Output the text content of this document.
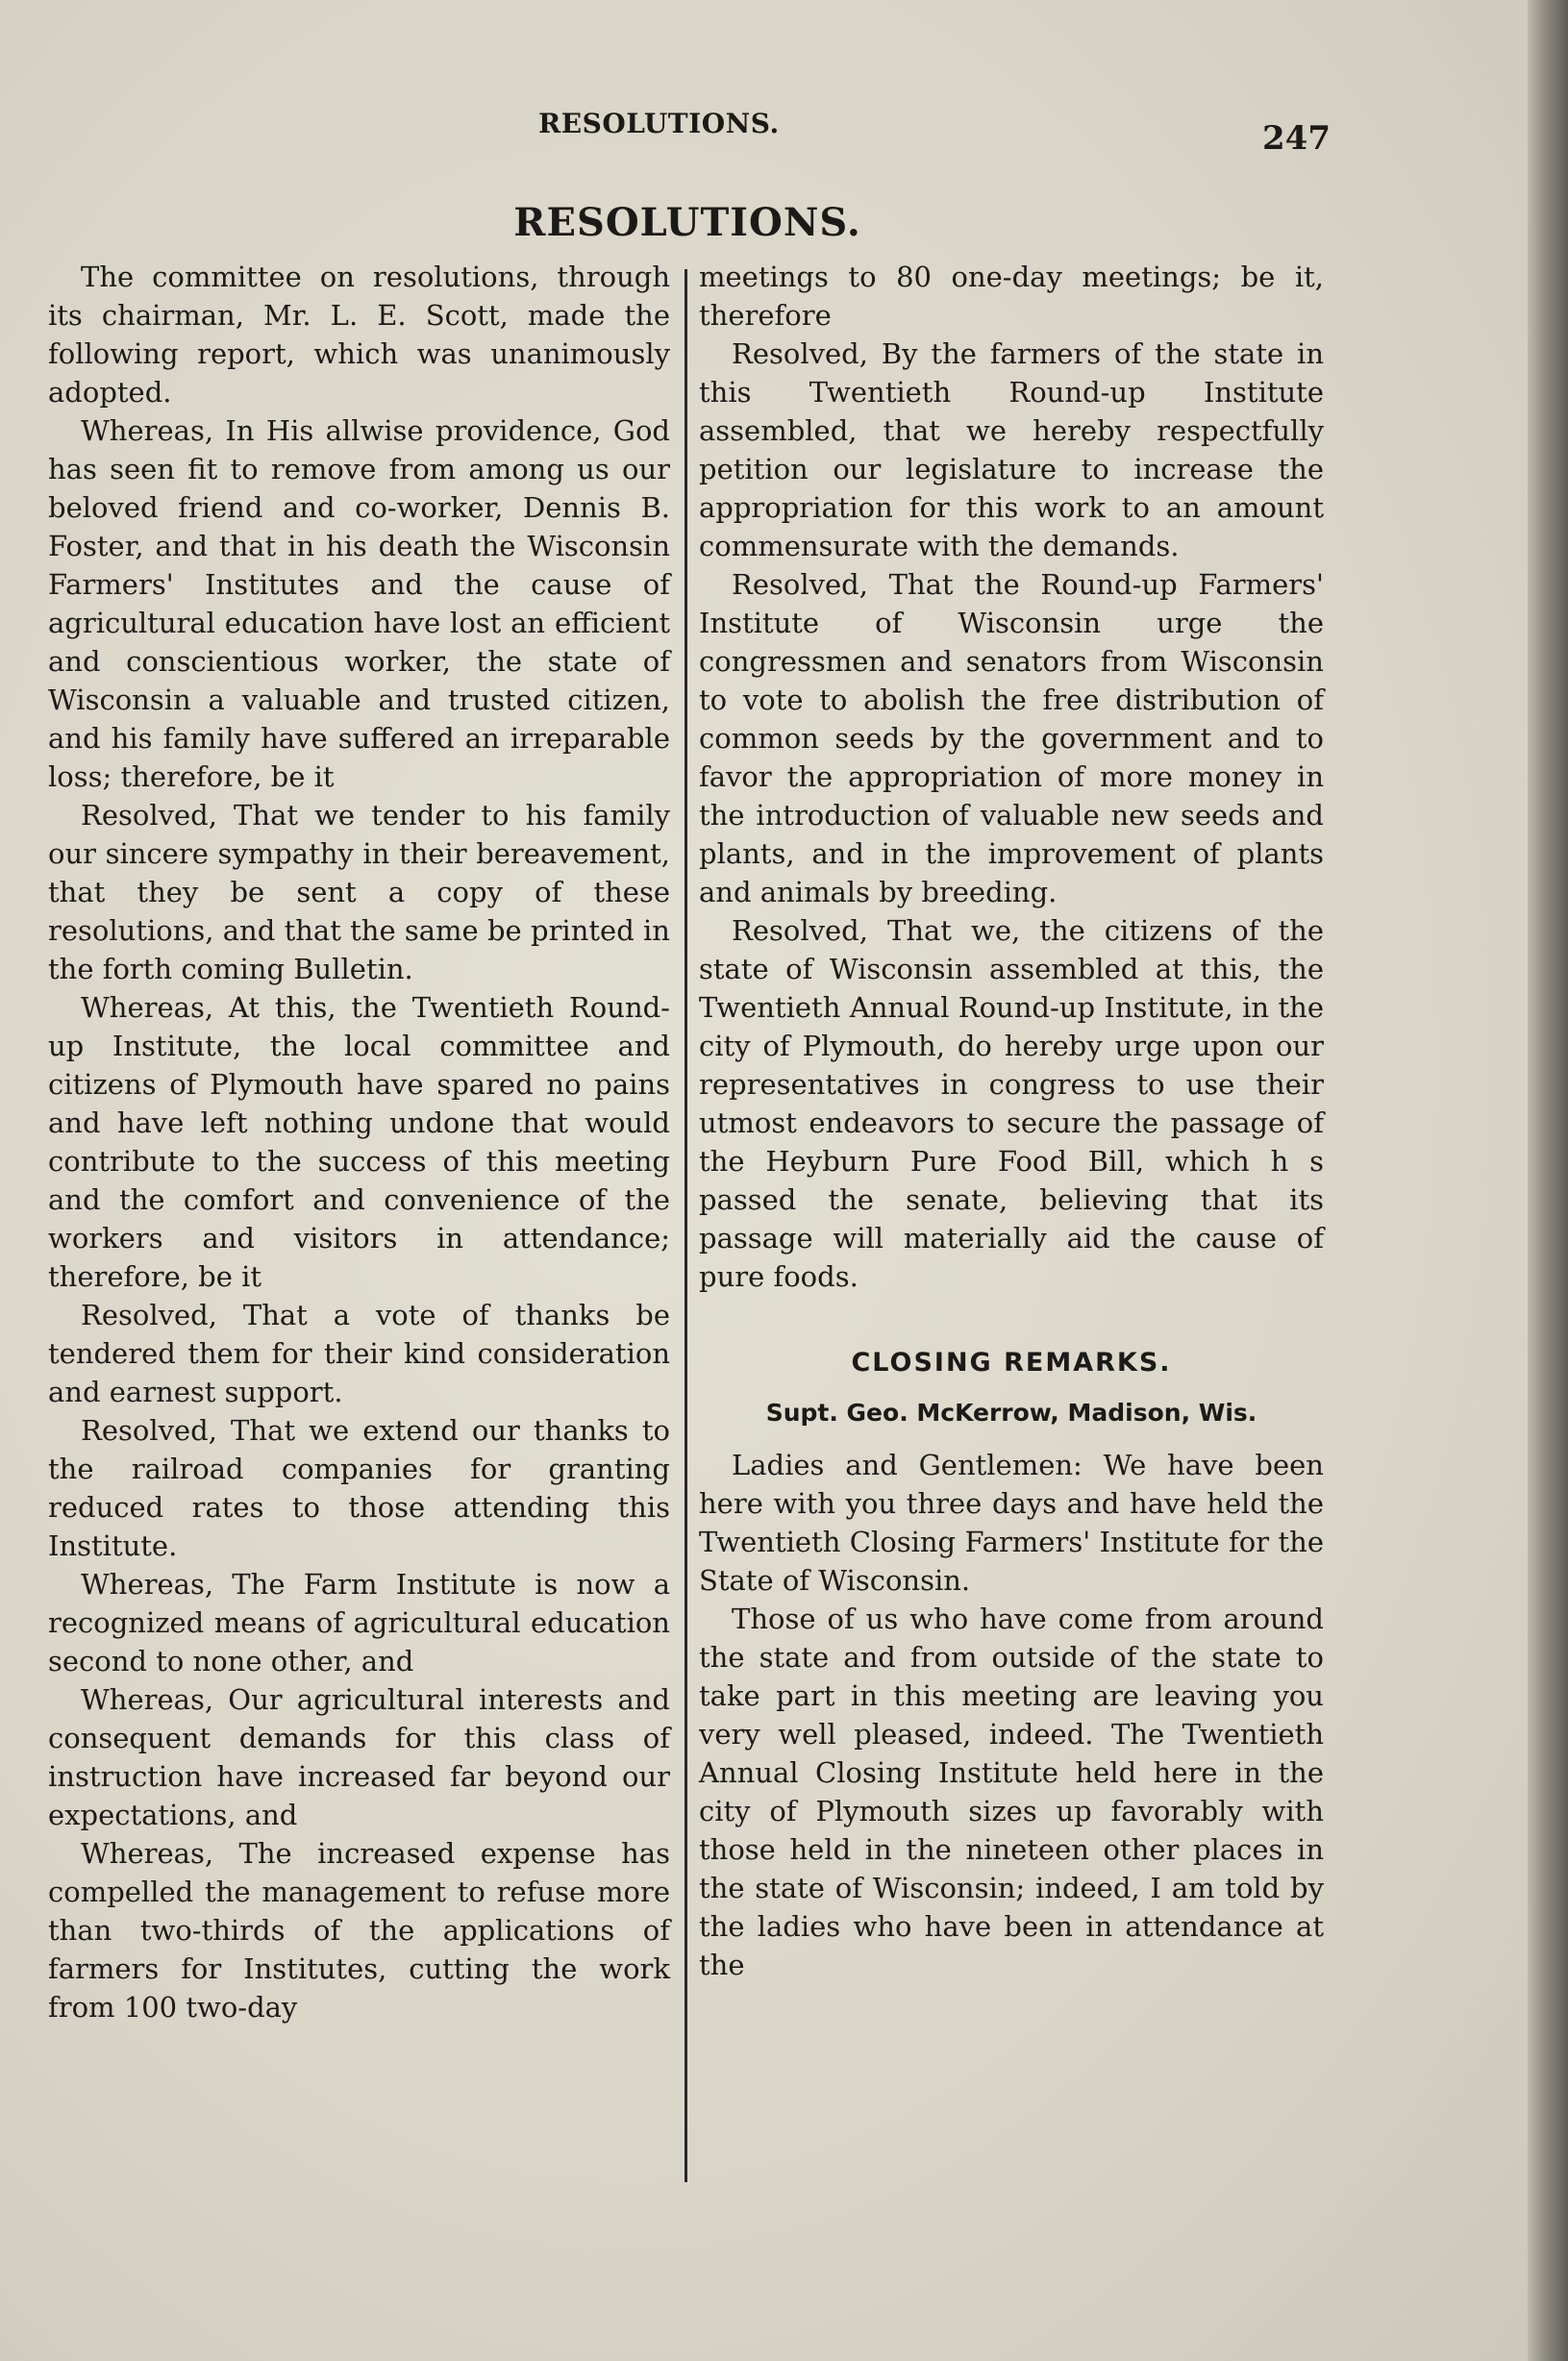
RESOLUTIONS.	247
RESOLUTIONS.

The committee on resolutions, through its chairman, Mr. L. E. Scott, made the following report, which was unanimously adopted.

Whereas, In His allwise providence, God has seen fit to remove from among us our beloved friend and co-worker, Dennis B. Foster, and that in his death the Wisconsin Farmers' Institutes and the cause of agricultural education have lost an efficient and conscientious worker, the state of Wisconsin a valuable and trusted citizen, and his family have suffered an irreparable loss; therefore, be it

Resolved, That we tender to his family our sincere sympathy in their bereavement, that they be sent a copy of these resolutions, and that the same be printed in the forth coming Bulletin.

Whereas, At this, the Twentieth Round-up Institute, the local committee and citizens of Plymouth have spared no pains and have left nothing undone that would contribute to the success of this meeting and the comfort and convenience of the workers and visitors in attendance; therefore, be it

Resolved, That a vote of thanks be tendered them for their kind consideration and earnest support.

Resolved, That we extend our thanks to the railroad companies for granting reduced rates to those attending this Institute.

Whereas, The Farm Institute is now a recognized means of agricultural education second to none other, and

Whereas, Our agricultural interests and consequent demands for this class of instruction have increased far beyond our expectations, and

Whereas, The increased expense has compelled the management to refuse more than two-thirds of the applications of farmers for Institutes, cutting the work from 100 two-day

meetings to 80 one-day meetings; be it, therefore

Resolved, By the farmers of the state in this Twentieth Round-up Institute assembled, that we hereby respectfully petition our legislature to increase the appropriation for this work to an amount commensurate with the demands.

Resolved, That the Round-up Farmers' Institute of Wisconsin urge the congressmen and senators from Wisconsin to vote to abolish the free distribution of common seeds by the government and to favor the appropriation of more money in the introduction of valuable new seeds and plants, and in the improvement of plants and animals by breeding.

Resolved, That we, the citizens of the state of Wisconsin assembled at this, the Twentieth Annual Round-up Institute, in the city of Plymouth, do hereby urge upon our representatives in congress to use their utmost endeavors to secure the passage of the Heyburn Pure Food Bill, which h s passed the senate, believing that its passage will materially aid the cause of pure foods.

CLOSING REMARKS.
Supt. Geo. McKerrow, Madison, Wis.

Ladies and Gentlemen: We have been here with you three days and have held the Twentieth Closing Farmers' Institute for the State of Wisconsin.

Those of us who have come from around the state and from outside of the state to take part in this meeting are leaving you very well pleased, indeed. The Twentieth Annual Closing Institute held here in the city of Plymouth sizes up favorably with those held in the nineteen other places in the state of Wisconsin; indeed, I am told by the ladies who have been in attendance at the
